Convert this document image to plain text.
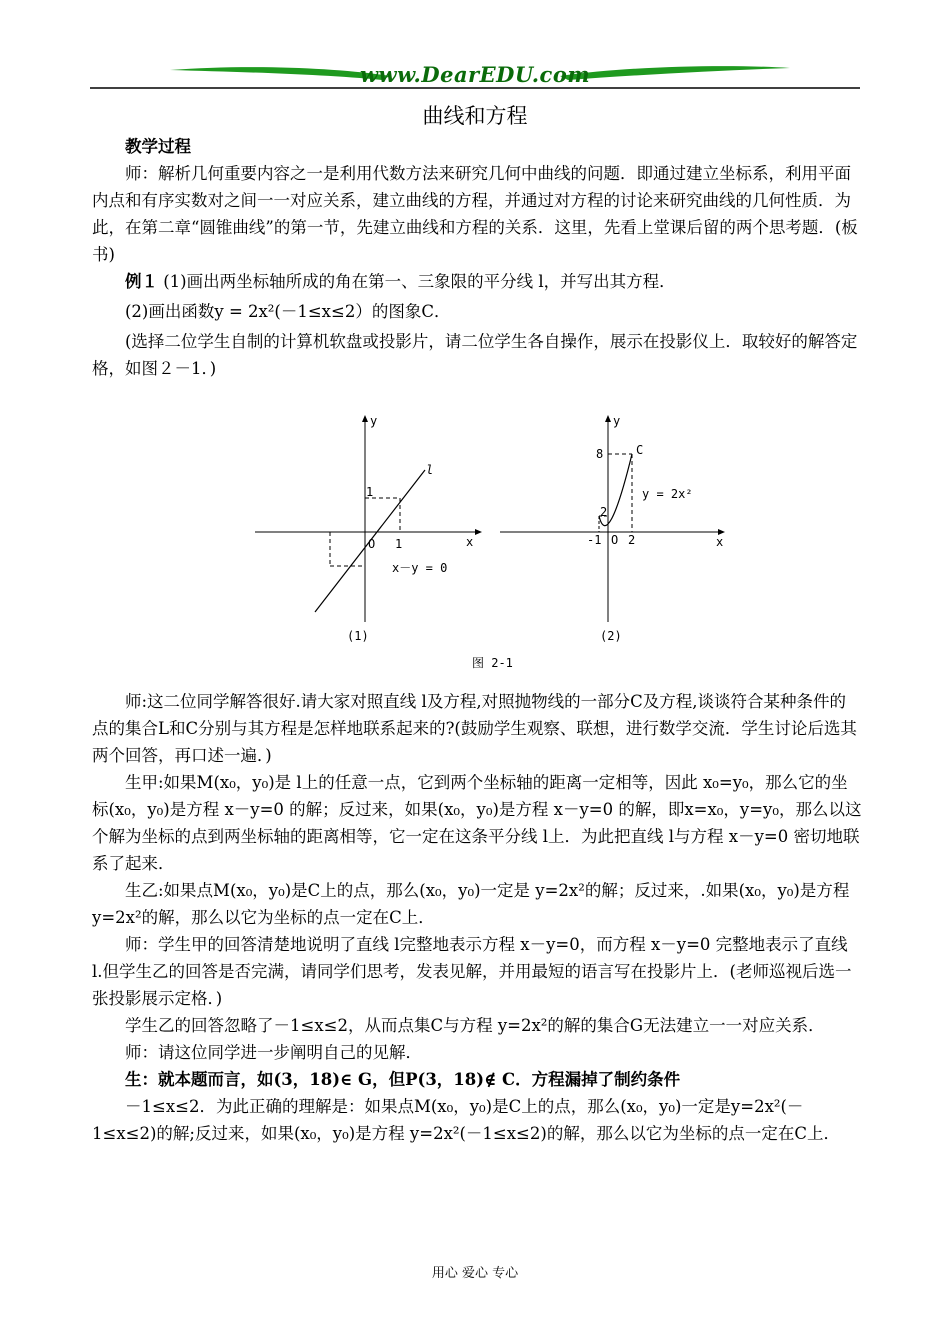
www.DearEDU.com
曲线和方程

教学过程

师：解析几何重要内容之一是利用代数方法来研究几何中曲线的问题．即通过建立坐标系，利用平面内点和有序实数对之间一一对应关系，建立曲线的方程，并通过对方程的讨论来研究曲线的几何性质．为此，在第二章“圆锥曲线”的第一节，先建立曲线和方程的关系．这里，先看上堂课后留的两个思考题．(板书)

例１ (1)画出两坐标轴所成的角在第一、三象限的平分线 l，并写出其方程．

(2)画出函数y = 2x²(－1≤x≤2）的图象C．

(选择二位学生自制的计算机软盘或投影片，请二位学生各自操作，展示在投影仪上．取较好的解答定格，如图２－1．)

y
x
O 1
1
l
x－y = 0
(1)
y
x
O
8
2
-1 2
C
y = 2x²
(2)
图 2-1

师:这二位同学解答很好.请大家对照直线 l及方程,对照抛物线的一部分C及方程,谈谈符合某种条件的点的集合L和C分别与其方程是怎样地联系起来的?(鼓励学生观察、联想，进行数学交流．学生讨论后选其两个回答，再口述一遍．)

生甲:如果M(x₀，y₀)是 l上的任意一点，它到两个坐标轴的距离一定相等，因此 x₀=y₀，那么它的坐标(x₀，y₀)是方程 x－y=0 的解；反过来，如果(x₀，y₀)是方程 x－y=0 的解，即x=x₀，y=y₀，那么以这个解为坐标的点到两坐标轴的距离相等，它一定在这条平分线 l上．为此把直线 l与方程 x－y=0 密切地联系了起来．

生乙:如果点M(x₀，y₀)是C上的点，那么(x₀，y₀)一定是 y=2x²的解；反过来，.如果(x₀，y₀)是方程 y=2x²的解，那么以它为坐标的点一定在C上．

师：学生甲的回答清楚地说明了直线 l完整地表示方程 x－y=0，而方程 x－y=0 完整地表示了直线 l.但学生乙的回答是否完满，请同学们思考，发表见解，并用最短的语言写在投影片上．(老师巡视后选一张投影展示定格．)

学生乙的回答忽略了－1≤x≤2，从而点集C与方程 y=2x²的解的集合G无法建立一一对应关系．

师：请这位同学进一步阐明自己的见解．

生：就本题而言，如(3，18)∈ G，但P(3，18)∉ C．方程漏掉了制约条件

－1≤x≤2．为此正确的理解是：如果点M(x₀，y₀)是C上的点，那么(x₀，y₀)一定是y=2x²(－1≤x≤2)的解;反过来，如果(x₀，y₀)是方程 y=2x²(－1≤x≤2)的解，那么以它为坐标的点一定在C上．

用心 爱心 专心
